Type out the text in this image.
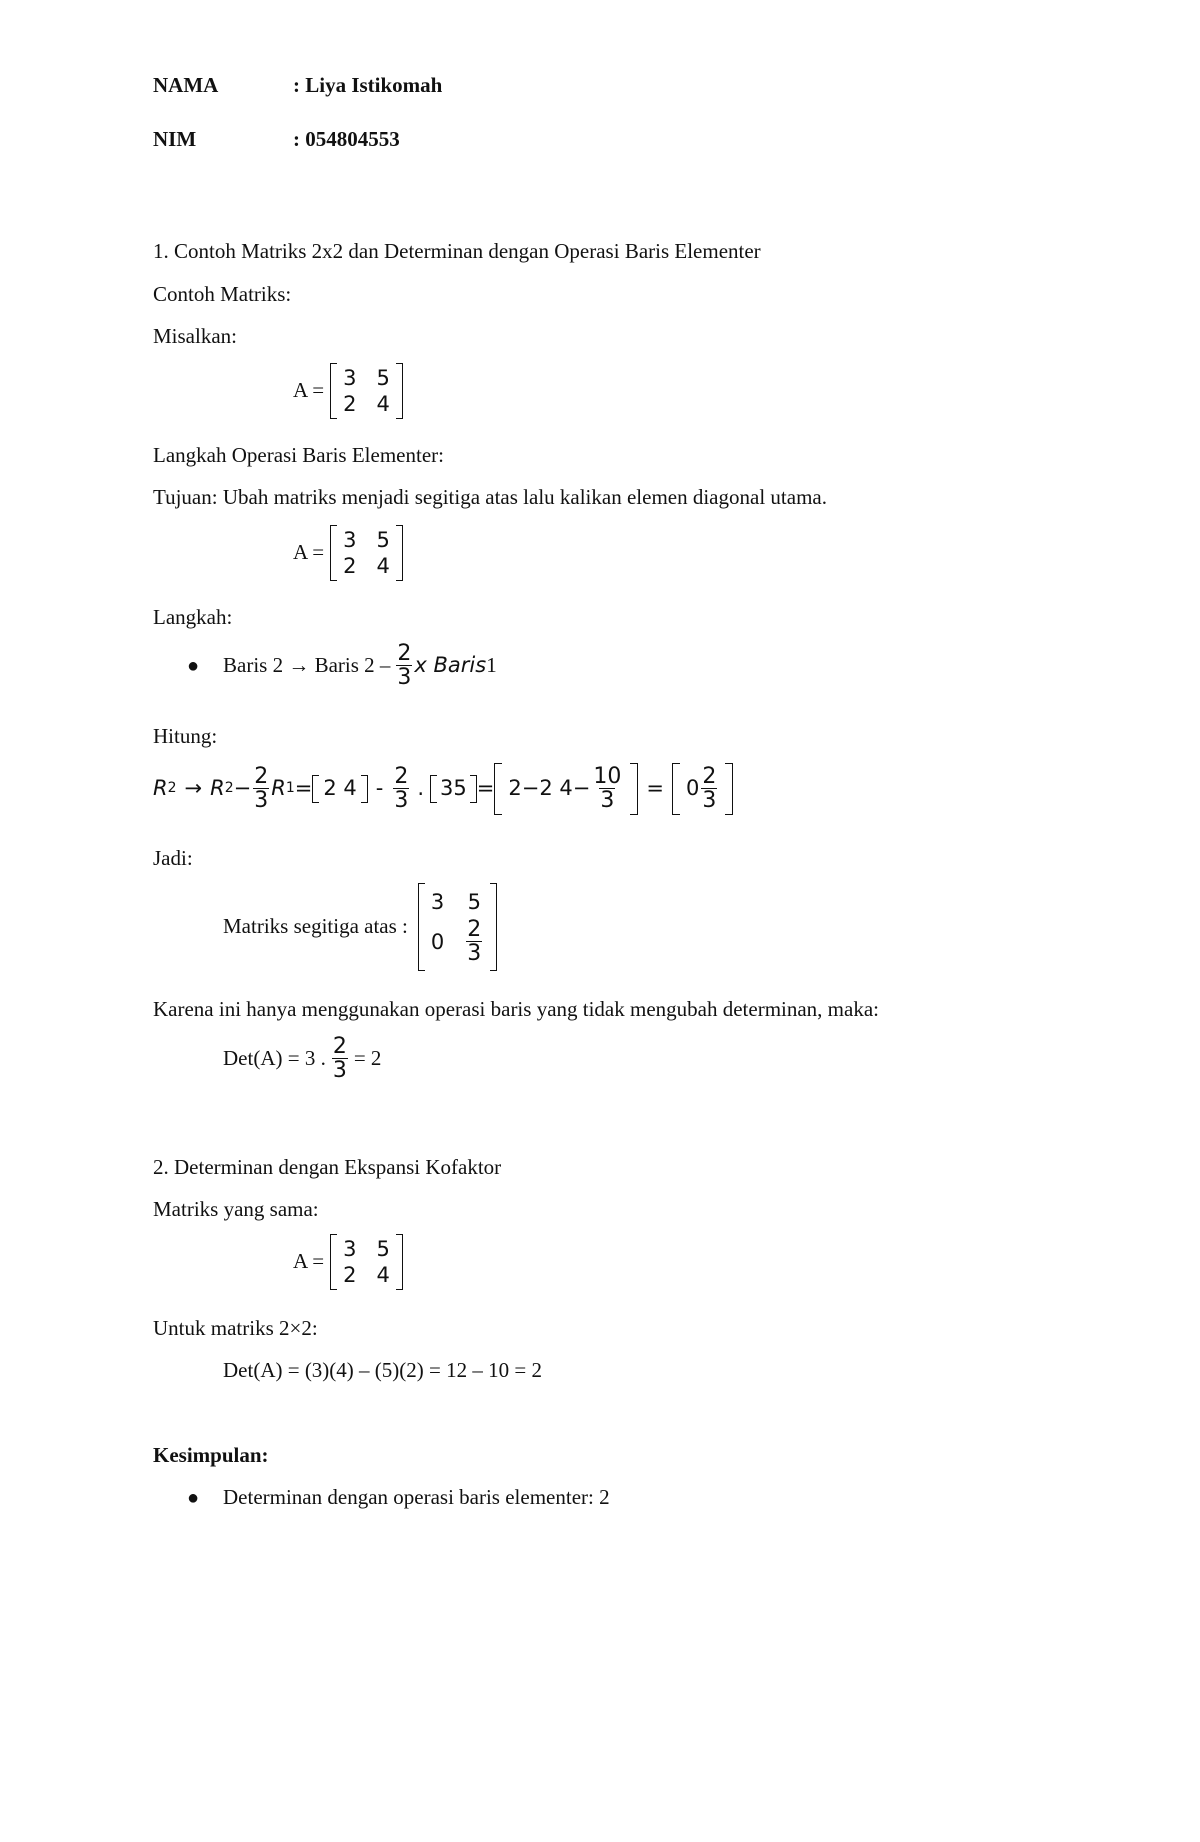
NAMA	: Liya Istikomah
NIM	: 054804553
1. Contoh Matriks 2x2 dan Determinan dengan Operasi Baris Elementer
Contoh Matriks:
Misalkan:
A =
3 5
2 4
Langkah Operasi Baris Elementer:
Tujuan: Ubah matriks menjadi segitiga atas lalu kalikan elemen diagonal utama.
A =
3 5
2 4
Langkah:
●	Baris 2 → Baris $2 - \frac{2}{3}$ x Baris 1
Hitung:
R 2 → R $2 - \frac{2}{3}$ R 1 = 2 $4 - \frac{2}{3}$ . 35 = 2−2 $4- \frac{10}{3} = 0 \frac{2}{3}$
Jadi:
Matriks segitiga atas :
3 5
$0 \frac{2}{3}$
Karena ini hanya menggunakan operasi baris yang tidak mengubah determinan, maka:
Det(A) = 3 . $\frac{2}{3} = 2$
2. Determinan dengan Ekspansi Kofaktor
Matriks yang sama:
A =
3 5
2 4
Untuk matriks 2×2:
Det(A) = (3)(4) – (5)(2) = 12 – 10 = 2
Kesimpulan:
●	Determinan dengan operasi baris elementer: 2
